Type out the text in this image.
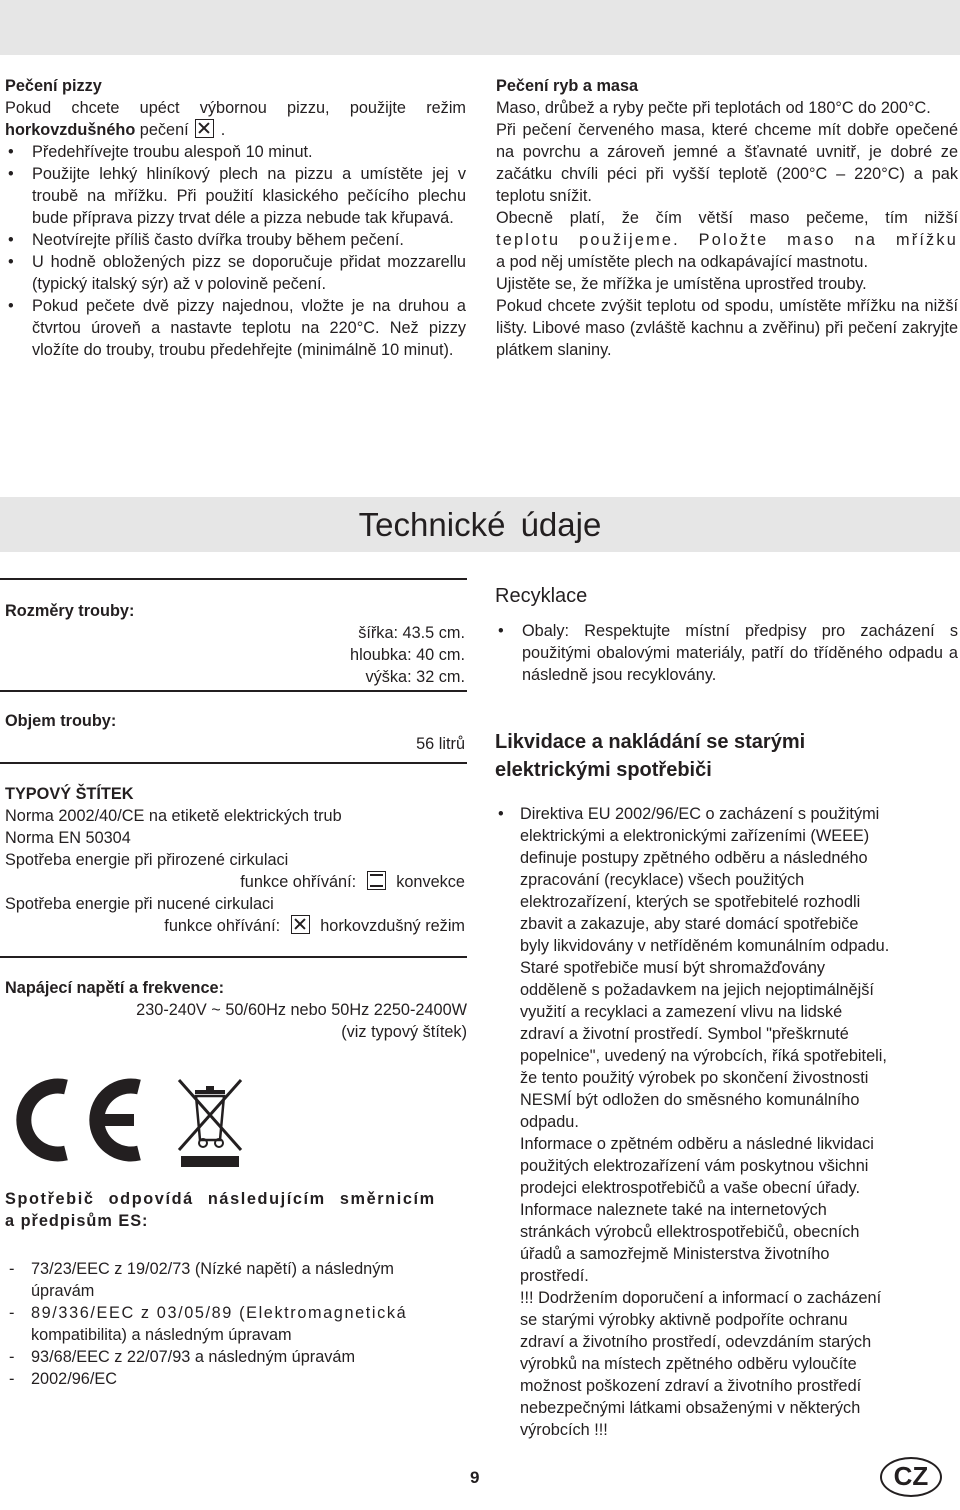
Pečení pizzy

Pokud chcete upéct výbornou pizzu, použijte režim

horkovzdušného pečení .

• Předehřívejte troubu alespoň 10 minut.
• Použijte lehký hliníkový plech na pizzu a umístěte jej v troubě na mřížku. Při použití klasického pečícího plechu bude příprava pizzy trvat déle a pizza nebude tak křupavá.
• Neotvírejte příliš často dvířka trouby během pečení.
• U hodně obložených pizz se doporučuje přidat mozzarellu (typický italský sýr) až v polovině pečení.
• Pokud pečete dvě pizzy najednou, vložte je na druhou a čtvrtou úroveň a nastavte teplotu na 220°C. Než pizzy vložíte do trouby, troubu předehřejte (minimálně 10 minut).
Pečení ryb a masa

Maso, drůbež a ryby pečte při teplotách od 180°C do 200°C.

Při pečení červeného masa, které chceme mít dobře opečené na povrchu a zároveň jemné a šťavnaté uvnitř, je dobré ze začátku chvíli péci při vyšší teplotě (200°C – 220°C) a pak teplotu snížit.

Obecně platí, že čím větší maso pečeme, tím nižší

teplotu použijeme. Položte maso na mřížku

a pod něj umístěte plech na odkapávající mastnotu.

Ujistěte se, že mřížka je umístěna uprostřed trouby.

Pokud chcete zvýšit teplotu od spodu, umístěte mřížku na nižší lišty. Libové maso (zvláště kachnu a zvěřinu) při pečení zakryjte plátkem slaniny.

Technické údaje
Rozměry trouby:
šířka: 43.5 cm.
hloubka: 40 cm.
výška: 32 cm.
Objem trouby:
56 litrů
TYPOVÝ ŠTÍTEK
Norma 2002/40/CE na etiketě elektrických trub
Norma EN 50304
Spotřeba energie při přirozené cirkulaci
funkce ohřívání: konvekce
Spotřeba energie při nucené cirkulaci
funkce ohřívání: horkovzdušný režim
Napájecí napětí a frekvence:
230-240V ~ 50/60Hz nebo 50Hz 2250-2400W
(viz typový štítek)
Spotřebič odpovídá následujícím směrnicím
a předpisům ES:
- 73/23/EEC z 19/02/73 (Nízké napětí) a následným
úpravám
- 89/336/EEC z 03/05/89 (Elektromagnetická
kompatibilita) a následným úpravam
- 93/68/EEC z 22/07/93 a následným úpravám
- 2002/96/EC
Recyklace
• Obaly: Respektujte místní předpisy pro zacházení s použitými obalovými materiály, patří do tříděného odpadu a následně jsou recyklovány.
Likvidace a nakládání se starými
elektrickými spotřebiči
• Direktiva EU 2002/96/EC o zacházení s použitými
elektrickými a elektronickými zařízeními (WEEE)
definuje postupy zpětného odběru a následného
zpracování (recyklace) všech použitých
elektrozařízení, kterých se spotřebitelé rozhodli
zbavit a zakazuje, aby staré domácí spotřebiče
byly likvidovány v netříděném komunálním odpadu.
Staré spotřebiče musí být shromažďovány
odděleně s požadavkem na jejich nejoptimálnější
využití a recyklaci a zamezení vlivu na lidské
zdraví a životní prostředí. Symbol "přeškrnuté
popelnice", uvedený na výrobcích, říká spotřebiteli,
že tento použitý výrobek po skončení živostnosti
NESMÍ být odložen do směsného komunálního
odpadu.
Informace o zpětném odběru a následné likvidaci
použitých elektrozařízení vám poskytnou všichni
prodejci elektrospotřebičů a vaše obecní úřady.
Informace naleznete také na internetových
stránkách výrobců ellektrospotřebičů, obecních
úřadů a samozřejmě Ministerstva životního
prostředí.
!!! Dodržením doporučení a informací o zacházení
se starými výrobky aktivně podpoříte ochranu
zdraví a životního prostředí, odevzdáním starých
výrobků na místech zpětného odběru vyloučíte
možnost poškození zdraví a životního prostředí
nebezpečnými látkami obsaženými v některých
výrobcích !!!
9	CZ
